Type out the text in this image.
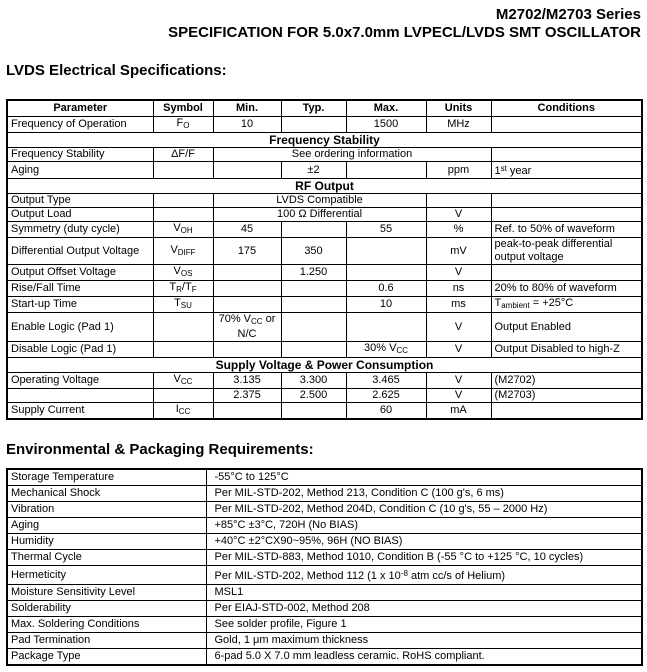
M2702/M2703 Series
SPECIFICATION FOR 5.0x7.0mm LVPECL/LVDS SMT OSCILLATOR
LVDS Electrical Specifications:
Parameter	Symbol	Min.	Typ.	Max.	Units	Conditions
Frequency of Operation	$F_O$	10		1500	MHz	
Frequency Stability						
Frequency Stability	ΔF/F	See ordering information				
Aging			±2		ppm	1st year
RF Output						
Output Type		LVDS Compatible				
Output Load		100 Ω Differential			V	
Symmetry (duty cycle)	$V_{OH}$	45		55	%	Ref. to 50% of waveform
Differential Output Voltage	$V_{DIFF}$	175	350		mV	peak-to-peak differential output voltage
Output Offset Voltage	$V_{OS}$		1.250		V	
Rise/Fall Time	$T_R/T_F$			0.6	ns	20% to 80% of waveform
Start-up Time	$T_{SU}$			10	ms	$T_{ambient} = +25^\circ C$
Enable Logic (Pad 1)		70% $V_{CC}$ or N/C			V	Output Enabled
Disable Logic (Pad 1)				30% $V_{CC}$	V	Output Disabled to high-Z
Supply Voltage & Power Consumption						
Operating Voltage	$V_{CC}$	3.135	3.300	3.465	V	(M2702)
		2.375	2.500	2.625	V	(M2703)
Supply Current	$I_{CC}$			60	mA	
Environmental & Packaging Requirements:
Storage Temperature	-55°C to 125°C
Mechanical Shock	Per MIL-STD-202, Method 213, Condition C (100 g's, 6 ms)
Vibration	Per MIL-STD-202, Method 204D, Condition C (10 g's, 55 – 2000 Hz)
Aging	+85°C ±3°C, 720H (No BIAS)
Humidity	+40°C ±2°CX90~95%, 96H (NO BIAS)
Thermal Cycle	Per MIL-STD-883, Method 1010, Condition B (-55 °C to +125 °C, 10 cycles)
Hermeticity	Per MIL-STD-202, Method 112 (1 x $10^{-8}$ atm cc/s of Helium)
Moisture Sensitivity Level	MSL1
Solderability	Per EIAJ-STD-002, Method 208
Max. Soldering Conditions	See solder profile, Figure 1
Pad Termination	Gold, 1 μm maximum thickness
Package Type	6-pad 5.0 X 7.0 mm leadless ceramic. RoHS compliant.
